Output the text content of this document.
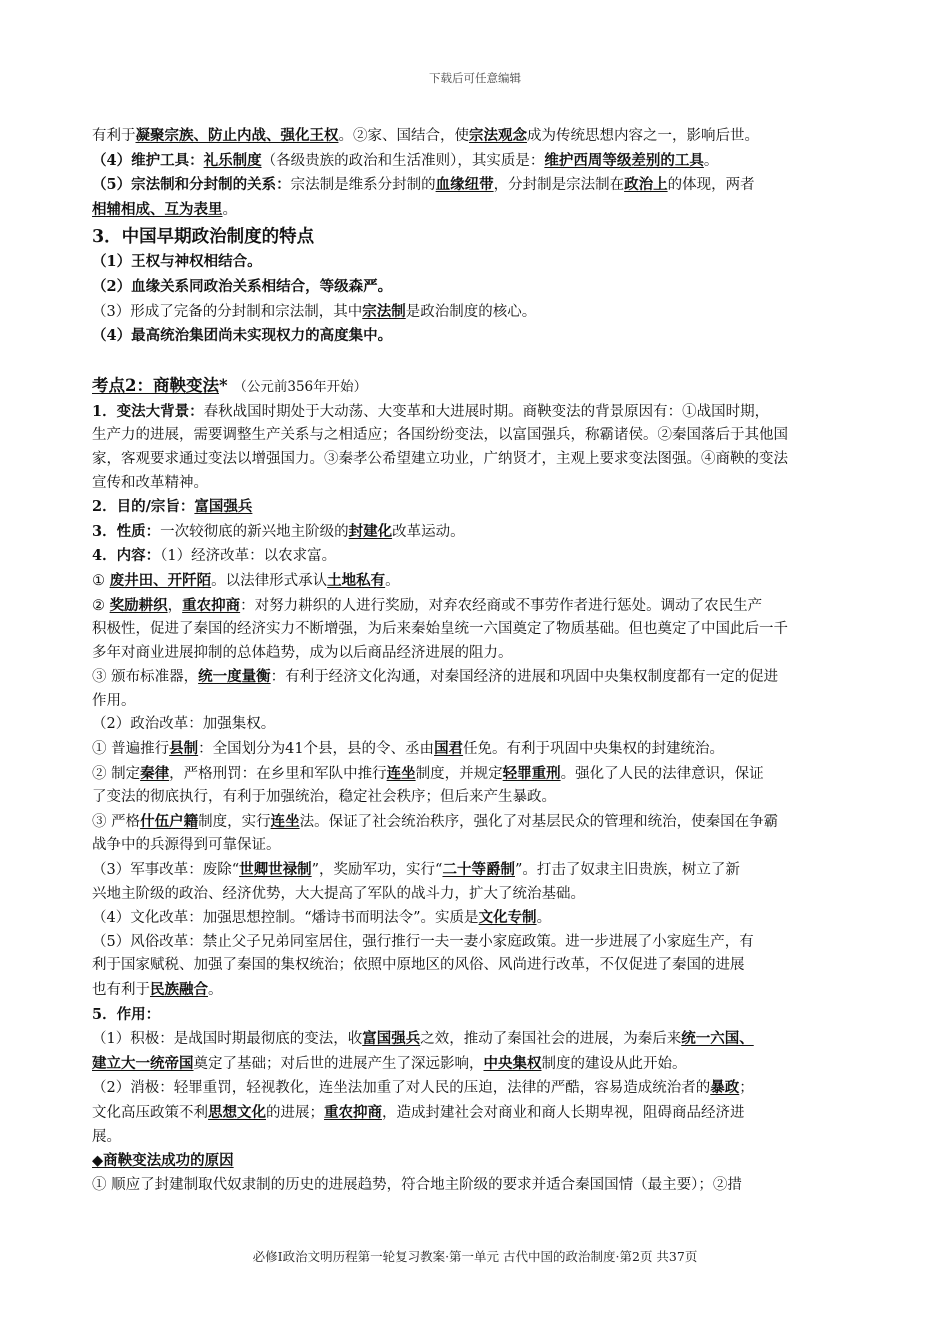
下载后可任意编辑
有利于凝聚宗族、防止内战、强化王权。②家、国结合，使宗法观念成为传统思想内容之一，影响后世。
（4）维护工具：礼乐制度（各级贵族的政治和生活准则），其实质是：维护西周等级差别的工具。
（5）宗法制和分封制的关系：宗法制是维系分封制的血缘纽带，分封制是宗法制在政治上的体现，两者
相辅相成、互为表里。
3．中国早期政治制度的特点
（1）王权与神权相结合。
（2）血缘关系同政治关系相结合，等级森严。
（3）形成了完备的分封制和宗法制，其中宗法制是政治制度的核心。
（4）最高统治集团尚未实现权力的高度集中。
考点2：商鞅变法* （公元前356年开始）
1．变法大背景：春秋战国时期处于大动荡、大变革和大进展时期。商鞅变法的背景原因有：①战国时期，
生产力的进展，需要调整生产关系与之相适应；各国纷纷变法，以富国强兵，称霸诸侯。②秦国落后于其他国
家，客观要求通过变法以增强国力。③秦孝公希望建立功业，广纳贤才，主观上要求变法图强。④商鞅的变法
宣传和改革精神。
2．目的/宗旨：富国强兵
3．性质：一次较彻底的新兴地主阶级的封建化改革运动。
4．内容：（1）经济改革：以农求富。
① 废井田、开阡陌。以法律形式承认土地私有。
② 奖励耕织，重农抑商：对努力耕织的人进行奖励，对弃农经商或不事劳作者进行惩处。调动了农民生产
积极性，促进了秦国的经济实力不断增强，为后来秦始皇统一六国奠定了物质基础。但也奠定了中国此后一千
多年对商业进展抑制的总体趋势，成为以后商品经济进展的阻力。
③ 颁布标准器，统一度量衡：有利于经济文化沟通，对秦国经济的进展和巩固中央集权制度都有一定的促进
作用。
（2）政治改革：加强集权。
① 普遍推行县制：全国划分为41个县，县的令、丞由国君任免。有利于巩固中央集权的封建统治。
② 制定秦律，严格刑罚：在乡里和军队中推行连坐制度，并规定轻罪重刑。强化了人民的法律意识，保证
了变法的彻底执行，有利于加强统治，稳定社会秩序；但后来产生暴政。
③ 严格什伍户籍制度，实行连坐法。保证了社会统治秩序，强化了对基层民众的管理和统治，使秦国在争霸
战争中的兵源得到可靠保证。
（3）军事改革：废除“世卿世禄制”，奖励军功，实行“二十等爵制”。打击了奴隶主旧贵族，树立了新
兴地主阶级的政治、经济优势，大大提高了军队的战斗力，扩大了统治基础。
（4）文化改革：加强思想控制。“燔诗书而明法令”。实质是文化专制。
（5）风俗改革：禁止父子兄弟同室居住，强行推行一夫一妻小家庭政策。进一步进展了小家庭生产，有
利于国家赋税、加强了秦国的集权统治；依照中原地区的风俗、风尚进行改革，不仅促进了秦国的进展
也有利于民族融合。
5．作用：
（1）积极：是战国时期最彻底的变法，收富国强兵之效，推动了秦国社会的进展，为秦后来统一六国、
建立大一统帝国奠定了基础；对后世的进展产生了深远影响，中央集权制度的建设从此开始。
（2）消极：轻罪重罚，轻视教化，连坐法加重了对人民的压迫，法律的严酷，容易造成统治者的暴政；
文化高压政策不利思想文化的进展；重农抑商，造成封建社会对商业和商人长期卑视，阻碍商品经济进
展。
◆商鞅变法成功的原因
① 顺应了封建制取代奴隶制的历史的进展趋势，符合地主阶级的要求并适合秦国国情（最主要）；②措
必修Ⅰ政治文明历程第一轮复习教案·第一单元 古代中国的政治制度·第2页 共37页
